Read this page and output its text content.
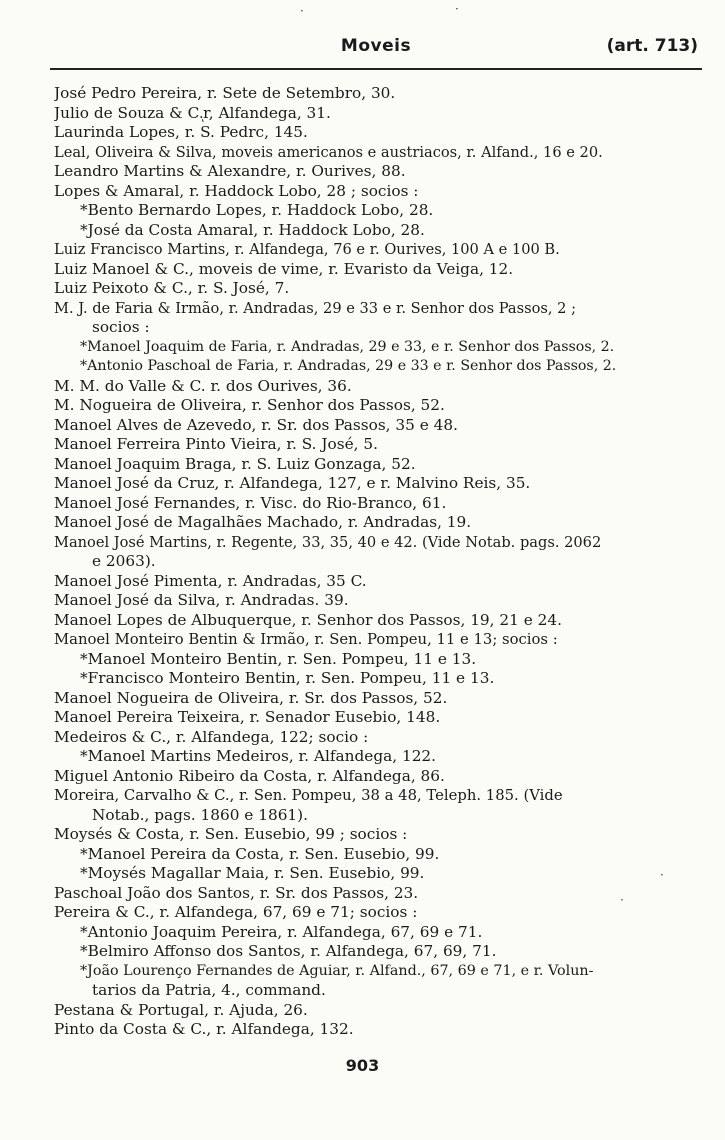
Moveis	(art. 713)

José Pedro Pereira, r. Sete de Setembro, 30.

Julio de Souza & C.ͅr, Alfandega, 31.

Laurinda Lopes, r. S. Pedrc, 145.

Leal, Oliveira & Silva, moveis americanos e austriacos, r. Alfand., 16 e 20.

Leandro Martins & Alexandre, r. Ourives, 88.

Lopes & Amaral, r. Haddock Lobo, 28 ; socios :

*Bento Bernardo Lopes, r. Haddock Lobo, 28.

*José da Costa Amaral, r. Haddock Lobo, 28.

Luiz Francisco Martins, r. Alfandega, 76 e r. Ourives, 100 A e 100 B.

Luiz Manoel & C., moveis de vime, r. Evaristo da Veiga, 12.

Luiz Peixoto & C., r. S. José, 7.

M. J. de Faria & Irmão, r. Andradas, 29 e 33 e r. Senhor dos Passos, 2 ;

socios :

*Manoel Joaquim de Faria, r. Andradas, 29 e 33, e r. Senhor dos Passos, 2.

*Antonio Paschoal de Faria, r. Andradas, 29 e 33 e r. Senhor dos Passos, 2.

M. M. do Valle & C. r. dos Ourives, 36.

M. Nogueira de Oliveira, r. Senhor dos Passos, 52.

Manoel Alves de Azevedo, r. Sr. dos Passos, 35 e 48.

Manoel Ferreira Pinto Vieira, r. S. José, 5.

Manoel Joaquim Braga, r. S. Luiz Gonzaga, 52.

Manoel José da Cruz, r. Alfandega, 127, e r. Malvino Reis, 35.

Manoel José Fernandes, r. Visc. do Rio-Branco, 61.

Manoel José de Magalhães Machado, r. Andradas, 19.

Manoel José Martins, r. Regente, 33, 35, 40 e 42. (Vide Notab. pags. 2062

e 2063).

Manoel José Pimenta, r. Andradas, 35 C.

Manoel José da Silva, r. Andradas. 39.

Manoel Lopes de Albuquerque, r. Senhor dos Passos, 19, 21 e 24.

Manoel Monteiro Bentin & Irmão, r. Sen. Pompeu, 11 e 13; socios :

*Manoel Monteiro Bentin, r. Sen. Pompeu, 11 e 13.

*Francisco Monteiro Bentin, r. Sen. Pompeu, 11 e 13.

Manoel Nogueira de Oliveira, r. Sr. dos Passos, 52.

Manoel Pereira Teixeira, r. Senador Eusebio, 148.

Medeiros & C., r. Alfandega, 122; socio :

*Manoel Martins Medeiros, r. Alfandega, 122.

Miguel Antonio Ribeiro da Costa, r. Alfandega, 86.

Moreira, Carvalho & C., r. Sen. Pompeu, 38 a 48, Teleph. 185. (Vide

Notab., pags. 1860 e 1861).

Moysés & Costa, r. Sen. Eusebio, 99 ; socios :

*Manoel Pereira da Costa, r. Sen. Eusebio, 99.

*Moysés Magallar Maia, r. Sen. Eusebio, 99.

Paschoal João dos Santos, r. Sr. dos Passos, 23.

Pereira & C., r. Alfandega, 67, 69 e 71; socios :

*Antonio Joaquim Pereira, r. Alfandega, 67, 69 e 71.

*Belmiro Affonso dos Santos, r. Alfandega, 67, 69, 71.

*João Lourenço Fernandes de Aguiar, r. Alfand., 67, 69 e 71, e r. Volun-

tarios da Patria, 4., command.

Pestana & Portugal, r. Ajuda, 26.

Pinto da Costa & C., r. Alfandega, 132.

903
·	·
·
·
